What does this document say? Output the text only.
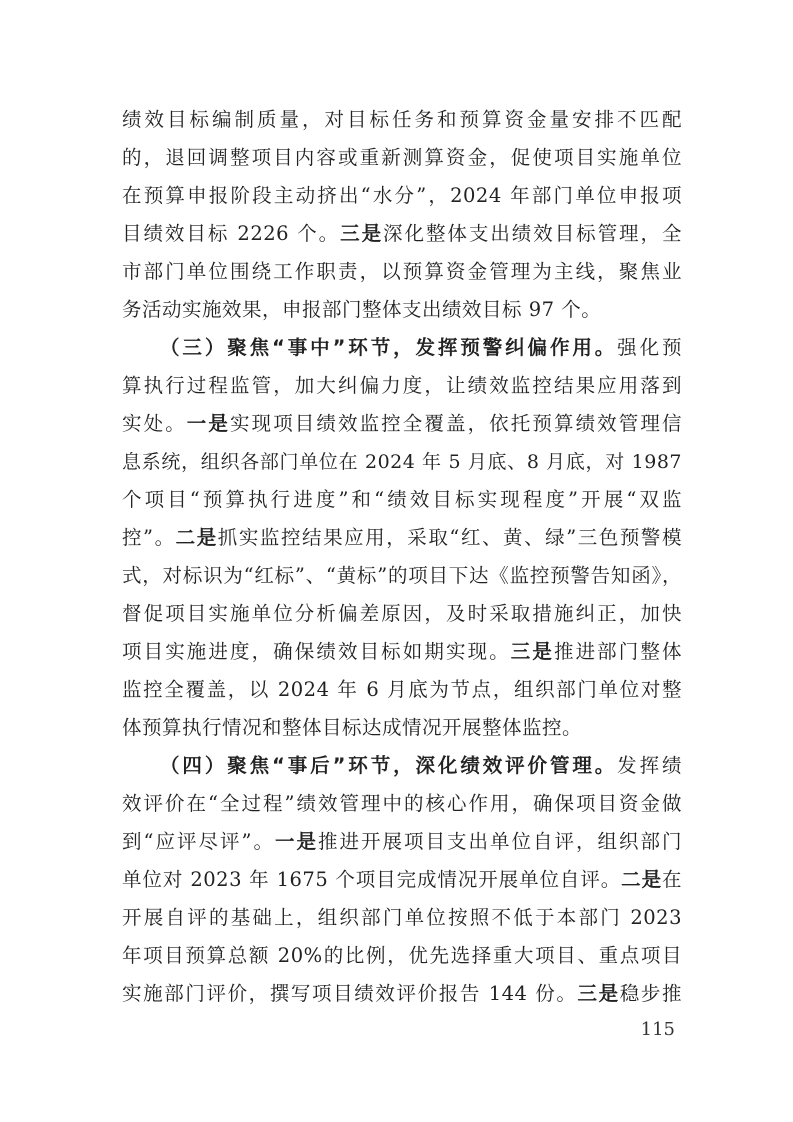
绩效目标编制质量，对目标任务和预算资金量安排不匹配
的，退回调整项目内容或重新测算资金，促使项目实施单位
在预算申报阶段主动挤出“水分”，2024 年部门单位申报项
目绩效目标 2226 个。三是深化整体支出绩效目标管理，全
市部门单位围绕工作职责，以预算资金管理为主线，聚焦业
务活动实施效果，申报部门整体支出绩效目标 97 个。
（三）聚焦“事中”环节，发挥预警纠偏作用。强化预
算执行过程监管，加大纠偏力度，让绩效监控结果应用落到
实处。一是实现项目绩效监控全覆盖，依托预算绩效管理信
息系统，组织各部门单位在 2024 年 5 月底、8 月底，对 1987
个项目“预算执行进度”和“绩效目标实现程度”开展“双监
控”。二是抓实监控结果应用，采取“红、黄、绿”三色预警模
式，对标识为“红标”、“黄标”的项目下达《监控预警告知函》，
督促项目实施单位分析偏差原因，及时采取措施纠正，加快
项目实施进度，确保绩效目标如期实现。三是推进部门整体
监控全覆盖，以 2024 年 6 月底为节点，组织部门单位对整
体预算执行情况和整体目标达成情况开展整体监控。
（四）聚焦“事后”环节，深化绩效评价管理。发挥绩
效评价在“全过程”绩效管理中的核心作用，确保项目资金做
到“应评尽评”。一是推进开展项目支出单位自评，组织部门
单位对 2023 年 1675 个项目完成情况开展单位自评。二是在
开展自评的基础上，组织部门单位按照不低于本部门 2023
年项目预算总额 20%的比例，优先选择重大项目、重点项目
实施部门评价，撰写项目绩效评价报告 144 份。三是稳步推
115
